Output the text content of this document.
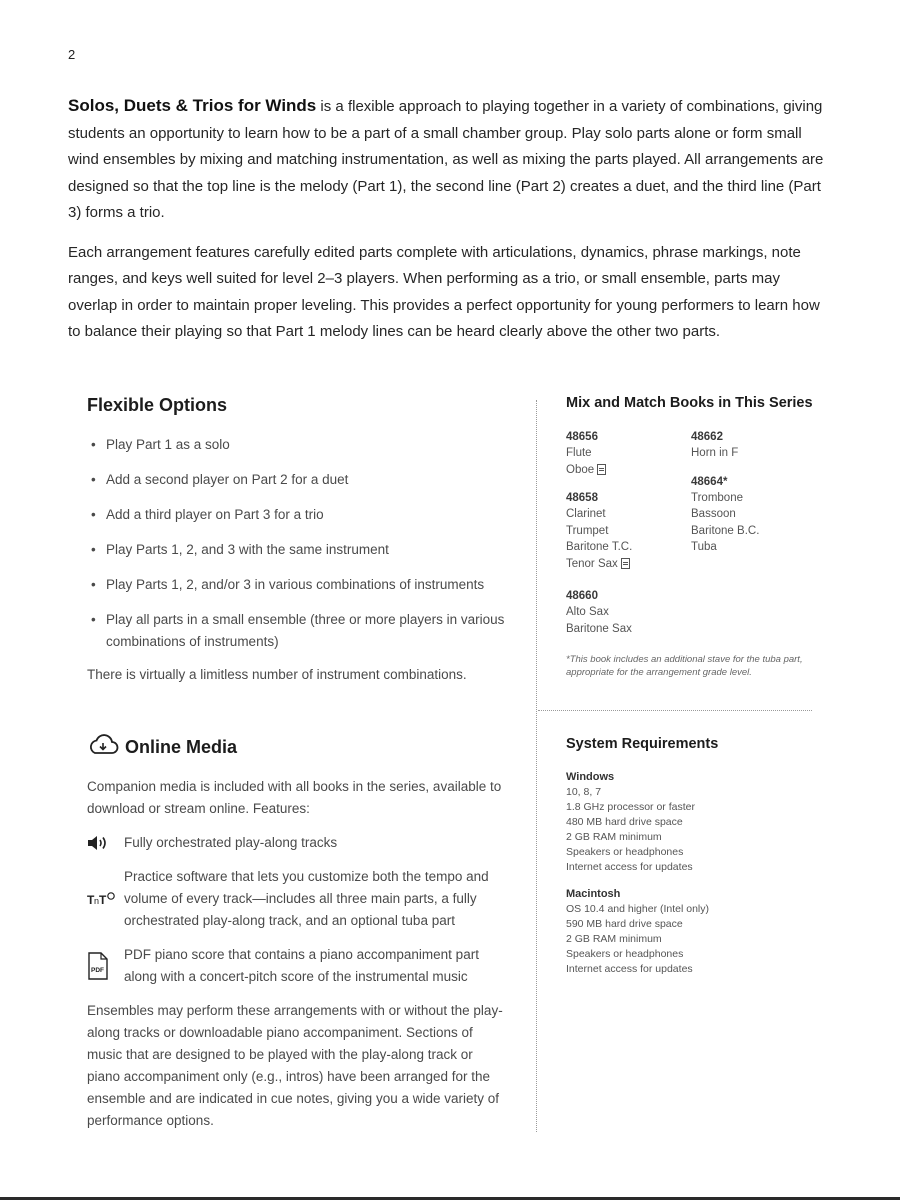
2

Solos, Duets & Trios for Winds is a flexible approach to playing together in a variety of combinations, giving students an opportunity to learn how to be a part of a small chamber group. Play solo parts alone or form small wind ensembles by mixing and matching instrumentation, as well as mixing the parts played. All arrangements are designed so that the top line is the melody (Part 1), the second line (Part 2) creates a duet, and the third line (Part 3) forms a trio.

Each arrangement features carefully edited parts complete with articulations, dynamics, phrase markings, note ranges, and keys well suited for level 2–3 players. When performing as a trio, or small ensemble, parts may overlap in order to maintain proper leveling. This provides a perfect opportunity for young performers to learn how to balance their playing so that Part 1 melody lines can be heard clearly above the other two parts.

Flexible Options
• Play Part 1 as a solo
• Add a second player on Part 2 for a duet
• Add a third player on Part 3 for a trio
• Play Parts 1, 2, and 3 with the same instrument
• Play Parts 1, 2, and/or 3 in various combinations of instruments
• Play all parts in a small ensemble (three or more players in various combinations of instruments)
There is virtually a limitless number of instrument combinations.
Online Media

Companion media is included with all books in the series, available to download or stream online. Features:

Fully orchestrated play-along tracks
T n T
Practice software that lets you customize both the tempo and volume of every track—includes all three main parts, a fully orchestrated play-along track, and an optional tuba part
PDF
PDF piano score that contains a piano accompaniment part along with a concert-pitch score of the instrumental music

Ensembles may perform these arrangements with or without the play-along tracks or downloadable piano accompaniment. Sections of music that are designed to be played with the play-along track or piano accompaniment only (e.g., intros) have been arranged for the ensemble and are indicated in cue notes, giving you a wide variety of performance options.

Mix and Match Books in This Series
48656
Flute
Oboe
48658
Clarinet
Trumpet
Baritone T.C.
Tenor Sax
48660
Alto Sax
Baritone Sax
48662
Horn in F
48664*
Trombone
Bassoon
Baritone B.C.
Tuba
*This book includes an additional stave for the tuba part, appropriate for the arrangement grade level.
System Requirements
Windows
10, 8, 7
1.8 GHz processor or faster
480 MB hard drive space
2 GB RAM minimum
Speakers or headphones
Internet access for updates
Macintosh
OS 10.4 and higher (Intel only)
590 MB hard drive space
2 GB RAM minimum
Speakers or headphones
Internet access for updates
